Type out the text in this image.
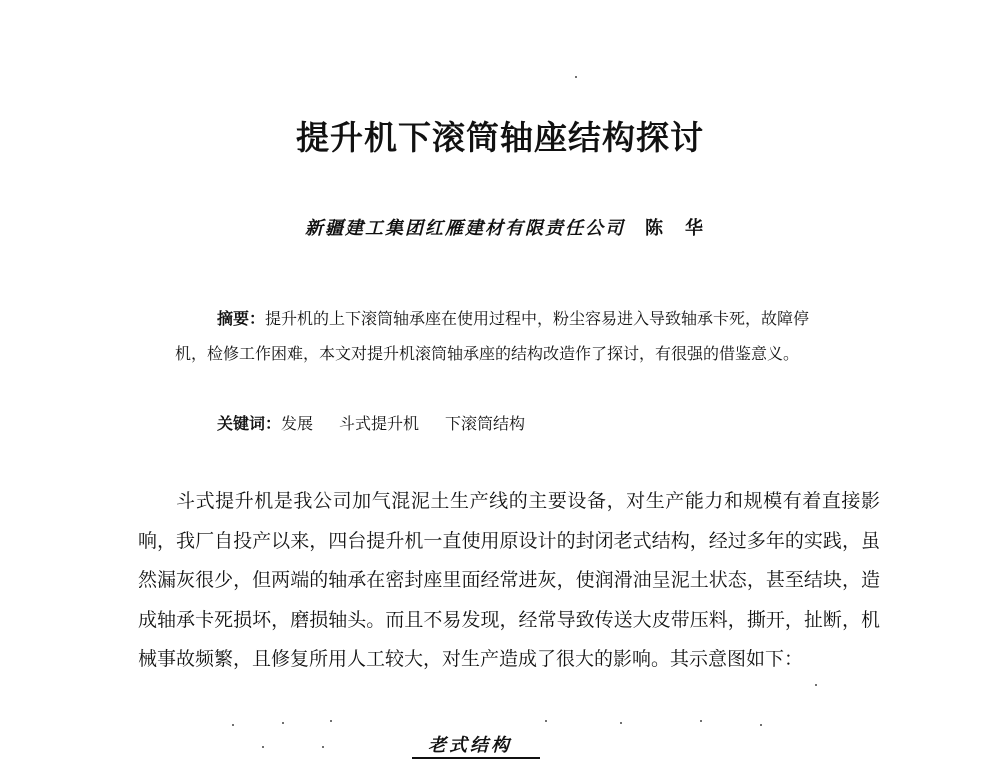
提升机下滚筒轴座结构探讨
新疆建工集团红雁建材有限责任公司 陈华

摘要：提升机的上下滚筒轴承座在使用过程中，粉尘容易进入导致轴承卡死，故障停机，检修工作困难，本文对提升机滚筒轴承座的结构改造作了探讨，有很强的借鉴意义。

关键词：发展 斗式提升机 下滚筒结构

斗式提升机是我公司加气混泥土生产线的主要设备，对生产能力和规模有着直接影响，我厂自投产以来，四台提升机一直使用原设计的封闭老式结构，经过多年的实践，虽然漏灰很少，但两端的轴承在密封座里面经常进灰，使润滑油呈泥土状态，甚至结块，造成轴承卡死损坏，磨损轴头。而且不易发现，经常导致传送大皮带压料，撕开，扯断，机械事故频繁，且修复所用人工较大，对生产造成了很大的影响。其示意图如下：

老式结构
